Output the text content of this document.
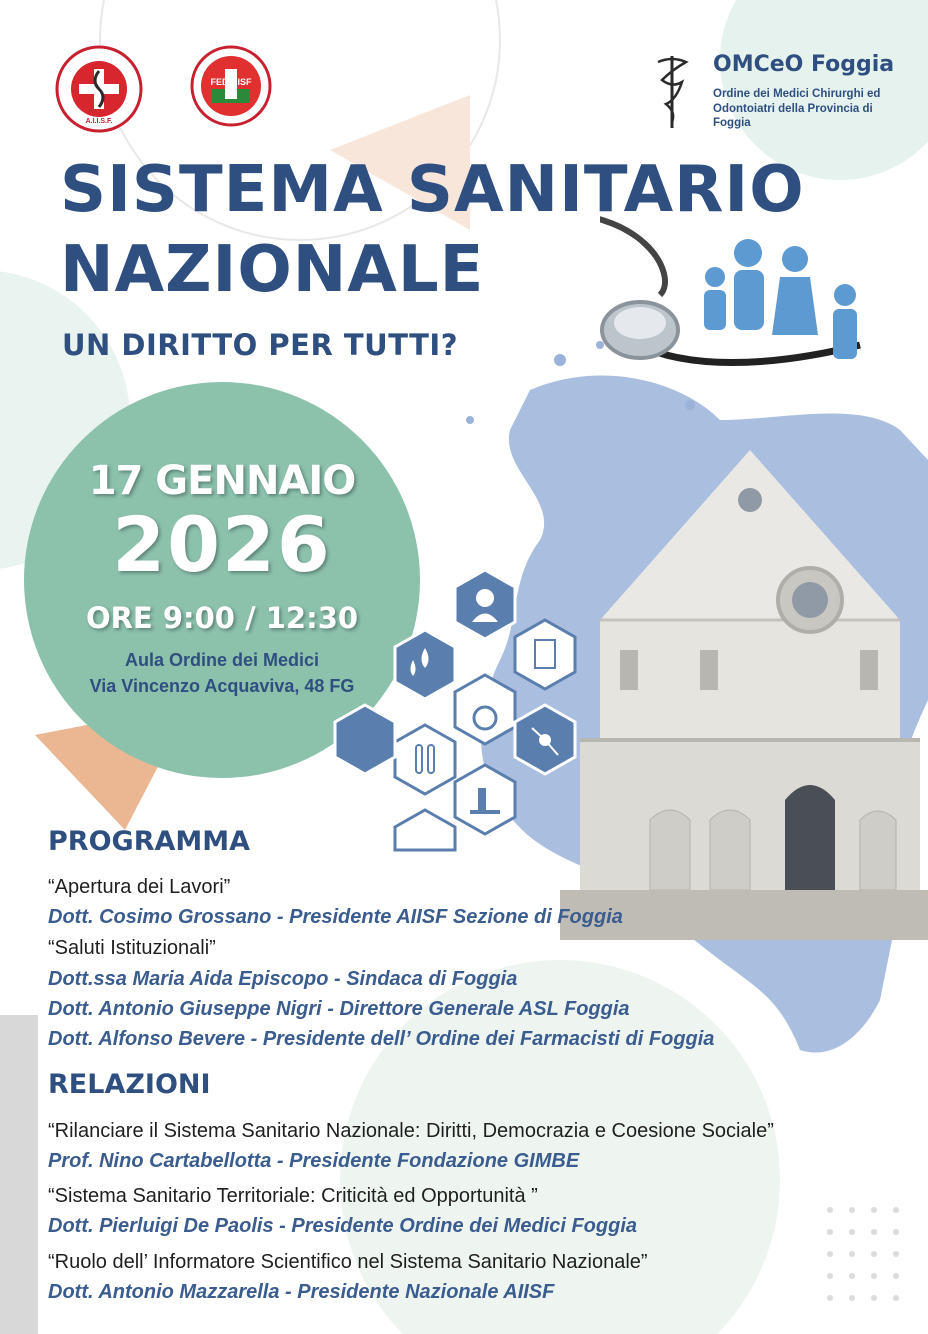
A.I.I.S.F.
FEDAIISF
OMCeO Foggia
Ordine dei Medici Chirurghi ed
Odontoiatri della Provincia di
Foggia
SISTEMA SANITARIO
NAZIONALE
UN DIRITTO PER TUTTI?
17 GENNAIO
2026
ORE 9:00 / 12:30
Aula Ordine dei Medici
Via Vincenzo Acquaviva, 48 FG
PROGRAMMA
“Apertura dei Lavori”
Dott. Cosimo Grossano - Presidente AIISF Sezione di Foggia
“Saluti Istituzionali”
Dott.ssa Maria Aida Episcopo - Sindaca di Foggia
Dott. Antonio Giuseppe Nigri - Direttore Generale ASL Foggia
Dott. Alfonso Bevere - Presidente dell’ Ordine dei Farmacisti di Foggia
RELAZIONI
“Rilanciare il Sistema Sanitario Nazionale: Diritti, Democrazia e Coesione Sociale”
Prof. Nino Cartabellotta - Presidente Fondazione GIMBE
“Sistema Sanitario Territoriale: Criticità ed Opportunità ”
Dott. Pierluigi De Paolis - Presidente Ordine dei Medici Foggia
“Ruolo dell’ Informatore Scientifico nel Sistema Sanitario Nazionale”
Dott. Antonio Mazzarella - Presidente Nazionale AIISF
